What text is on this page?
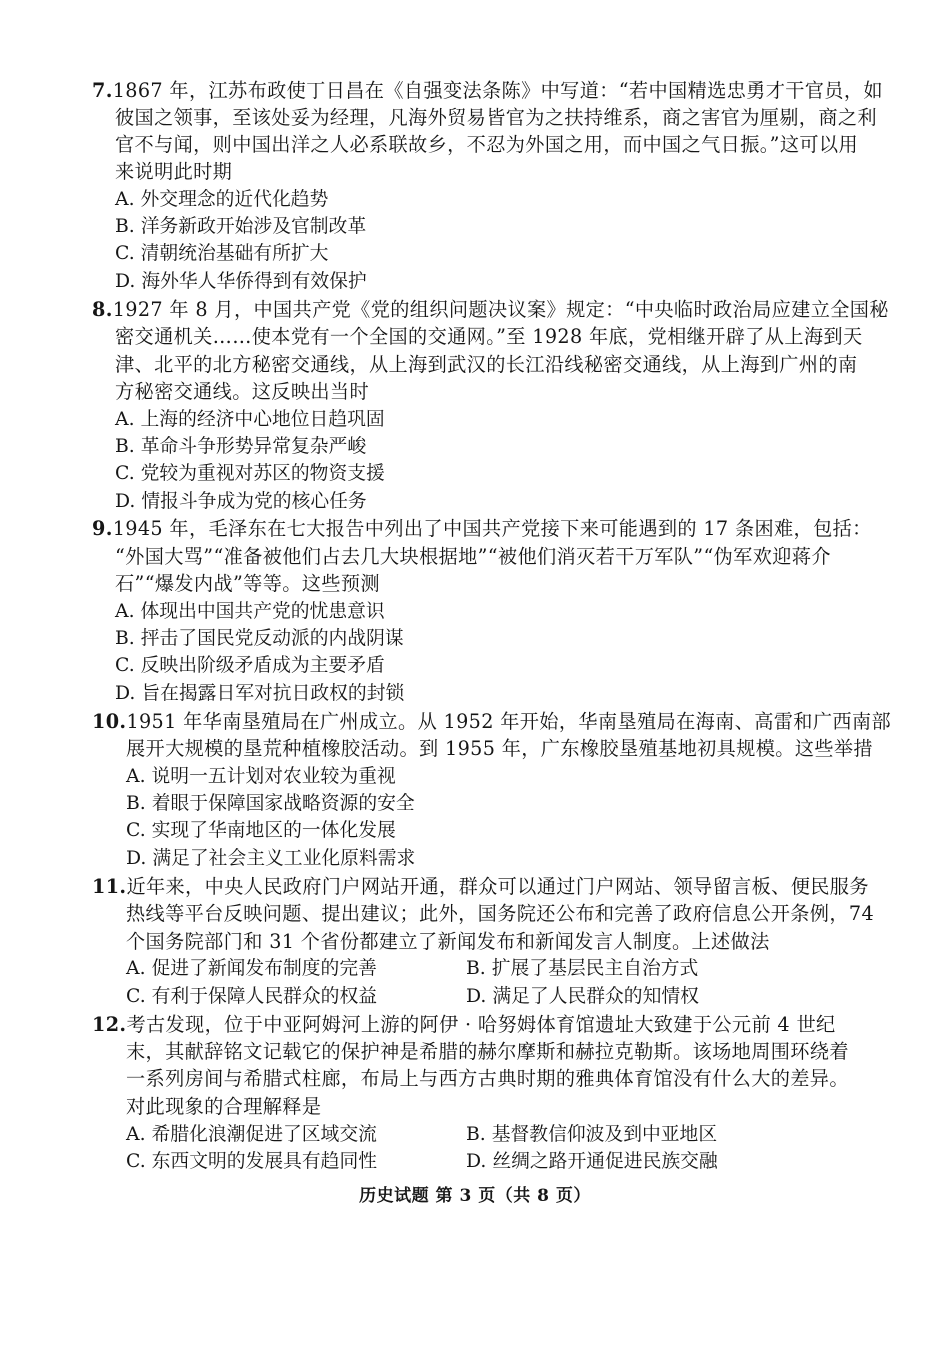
7.1867 年，江苏布政使丁日昌在《自强变法条陈》中写道：“若中国精选忠勇才干官员，如
彼国之领事，至该处妥为经理，凡海外贸易皆官为之扶持维系，商之害官为厘剔，商之利
官不与闻，则中国出洋之人必系联故乡，不忍为外国之用，而中国之气日振。”这可以用
来说明此时期
A. 外交理念的近代化趋势
B. 洋务新政开始涉及官制改革
C. 清朝统治基础有所扩大
D. 海外华人华侨得到有效保护
8.1927 年 8 月，中国共产党《党的组织问题决议案》规定：“中央临时政治局应建立全国秘
密交通机关……使本党有一个全国的交通网。”至 1928 年底，党相继开辟了从上海到天
津、北平的北方秘密交通线，从上海到武汉的长江沿线秘密交通线，从上海到广州的南
方秘密交通线。这反映出当时
A. 上海的经济中心地位日趋巩固
B. 革命斗争形势异常复杂严峻
C. 党较为重视对苏区的物资支援
D. 情报斗争成为党的核心任务
9.1945 年，毛泽东在七大报告中列出了中国共产党接下来可能遇到的 17 条困难，包括：
“外国大骂”“准备被他们占去几大块根据地”“被他们消灭若干万军队”“伪军欢迎蒋介
石”“爆发内战”等等。这些预测
A. 体现出中国共产党的忧患意识
B. 抨击了国民党反动派的内战阴谋
C. 反映出阶级矛盾成为主要矛盾
D. 旨在揭露日军对抗日政权的封锁
10.1951 年华南垦殖局在广州成立。从 1952 年开始，华南垦殖局在海南、高雷和广西南部
展开大规模的垦荒种植橡胶活动。到 1955 年，广东橡胶垦殖基地初具规模。这些举措
A. 说明一五计划对农业较为重视
B. 着眼于保障国家战略资源的安全
C. 实现了华南地区的一体化发展
D. 满足了社会主义工业化原料需求
11.近年来，中央人民政府门户网站开通，群众可以通过门户网站、领导留言板、便民服务
热线等平台反映问题、提出建议；此外，国务院还公布和完善了政府信息公开条例，74
个国务院部门和 31 个省份都建立了新闻发布和新闻发言人制度。上述做法
A. 促进了新闻发布制度的完善	B. 扩展了基层民主自治方式
C. 有利于保障人民群众的权益	D. 满足了人民群众的知情权
12.考古发现，位于中亚阿姆河上游的阿伊 · 哈努姆体育馆遗址大致建于公元前 4 世纪
末，其献辞铭文记载它的保护神是希腊的赫尔摩斯和赫拉克勒斯。该场地周围环绕着
一系列房间与希腊式柱廊，布局上与西方古典时期的雅典体育馆没有什么大的差异。
对此现象的合理解释是
A. 希腊化浪潮促进了区域交流	B. 基督教信仰波及到中亚地区
C. 东西文明的发展具有趋同性	D. 丝绸之路开通促进民族交融
历史试题 第 3 页（共 8 页）
